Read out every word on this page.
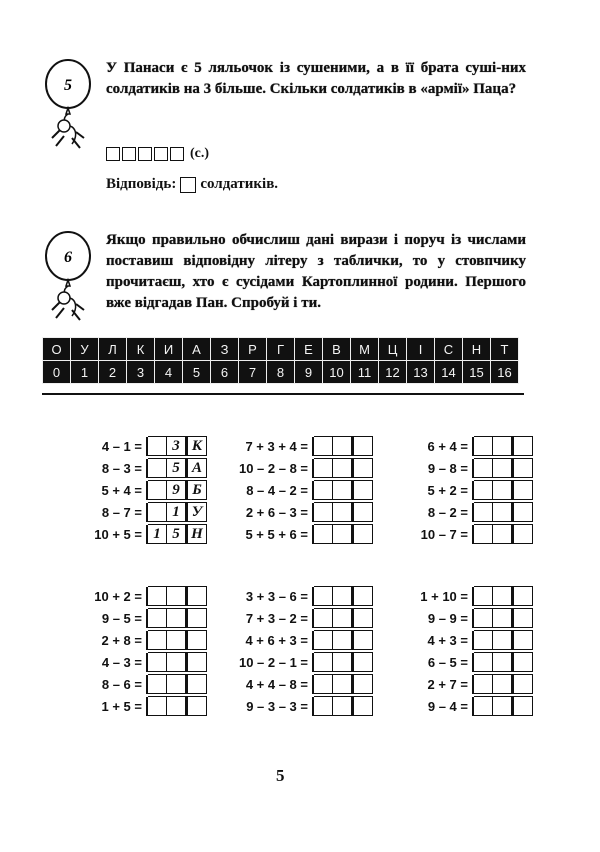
5
У Панаси є 5 ляльочок із сушеними, а в її брата суші-них солдатиків на 3 більше. Скільки солдатиків в «армії» Паца?
(с.)
Відповідь: солдатиків.
6
Якщо правильно обчислиш дані вирази і поруч із числами поставиш відповідну літеру з таблички, то у стовпчику прочитаєш, хто є сусідами Картоплинної родини. Першого вже відгадав Пан. Спробуй і ти.
О	У	Л	К	И	А	З	Р	Г	Е	В	М	Ц	І	С	Н	Т
0	1	2	3	4	5	6	7	8	9	10	11	12	13	14	15	16
4 – 1 =	3 К
8 – 3 =	5 А
5 + 4 =	9 Б
8 – 7 =	1 У
10 + 5 = 1 5 Н
7 + 3 + 4 =
10 – 2 – 8 =
8 – 4 – 2 =
2 + 6 – 3 =
5 + 5 + 6 =
6 + 4 =
9 – 8 =
5 + 2 =
8 – 2 =
10 – 7 =
10 + 2 =
9 – 5 =
2 + 8 =
4 – 3 =
8 – 6 =
1 + 5 =
3 + 3 – 6 =
7 + 3 – 2 =
4 + 6 + 3 =
10 – 2 – 1 =
4 + 4 – 8 =
9 – 3 – 3 =
1 + 10 =
9 – 9 =
4 + 3 =
6 – 5 =
2 + 7 =
9 – 4 =
5
